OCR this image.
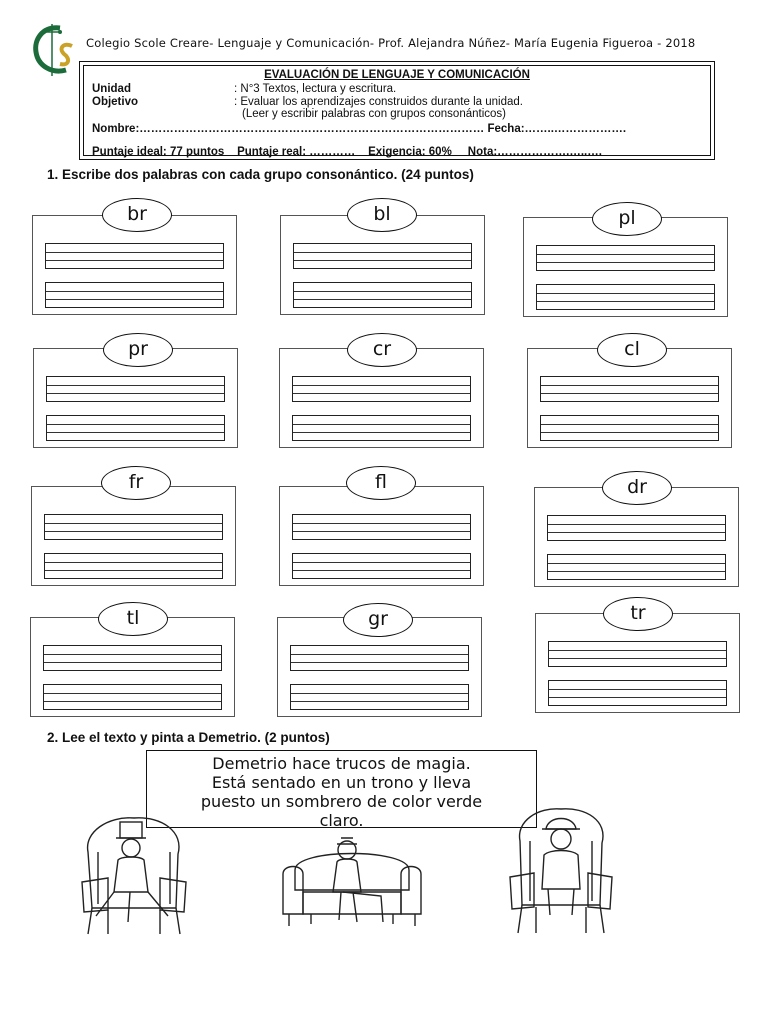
Colegio Scole Creare- Lenguaje y Comunicación- Prof. Alejandra Núñez- María Eugenia Figueroa - 2018
EVALUACIÓN DE LENGUAJE Y COMUNICACIÓN
Unidad	: N°3 Textos, lectura y escritura.
Objetivo	: Evaluar los aprendizajes construidos durante la unidad.
(Leer y escribir palabras con grupos consonánticos)
Nombre:……………………………………………………………………………… Fecha:……..……………….
Puntaje ideal: 77 puntos Puntaje real: ………… Exigencia: 60% Nota:……………….…..….
1. Escribe dos palabras con cada grupo consonántico. (24 puntos)
br	bl	pl
pr	cr	cl
fr	fl	dr
tl	gr	tr
2. Lee el texto y pinta a Demetrio. (2 puntos)
Demetrio hace trucos de magia.
Está sentado en un trono y lleva
puesto un sombrero de color verde
claro.
